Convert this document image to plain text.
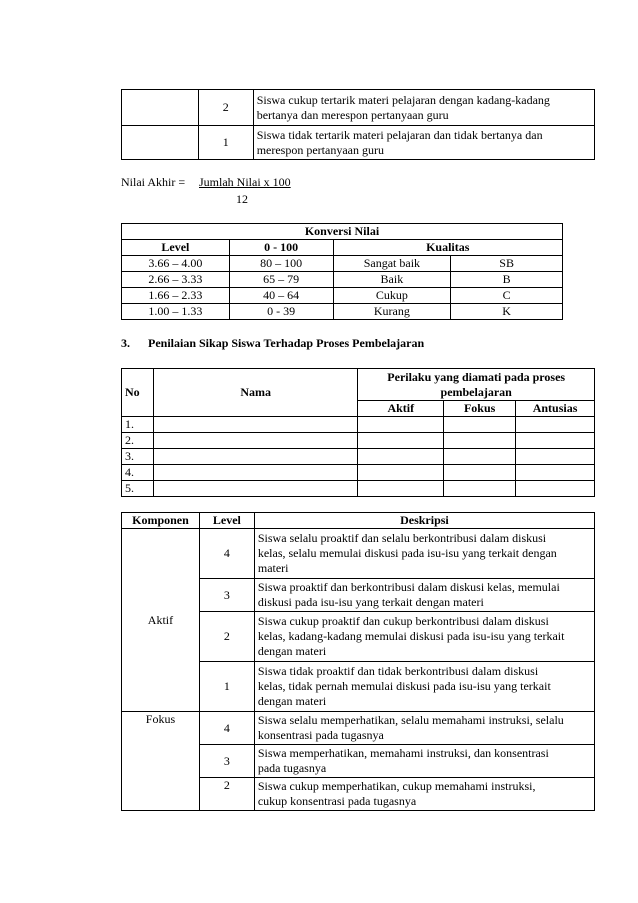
	2	Siswa cukup tertarik materi pelajaran dengan kadang-kadang
bertanya dan merespon pertanyaan guru
	1	Siswa tidak tertarik materi pelajaran dan tidak bertanya dan
merespon pertanyaan guru
Nilai Akhir = Jumlah Nilai x 100
12
Konversi Nilai			
Level	0 - 100	Kualitas	
3.66 – 4.00	80 – 100	Sangat baik	SB
2.66 – 3.33	65 – 79	Baik	B
1.66 – 2.33	40 – 64	Cukup	C
1.00 – 1.33	0 - 39	Kurang	K
3. Penilaian Sikap Siswa Terhadap Proses Pembelajaran
No	Nama	Perilaku yang diamati pada proses
pembelajaran		
		Aktif	Fokus	Antusias
1.				
2.				
3.				
4.				
5.				
Komponen	Level	Deskripsi
Aktif	4	Siswa selalu proaktif dan selalu berkontribusi dalam diskusi
kelas, selalu memulai diskusi pada isu-isu yang terkait dengan
materi
	3	Siswa proaktif dan berkontribusi dalam diskusi kelas, memulai
diskusi pada isu-isu yang terkait dengan materi
	2	Siswa cukup proaktif dan cukup berkontribusi dalam diskusi
kelas, kadang-kadang memulai diskusi pada isu-isu yang terkait
dengan materi
	1	Siswa tidak proaktif dan tidak berkontribusi dalam diskusi
kelas, tidak pernah memulai diskusi pada isu-isu yang terkait
dengan materi
Fokus	4	Siswa selalu memperhatikan, selalu memahami instruksi, selalu
konsentrasi pada tugasnya
	3	Siswa memperhatikan, memahami instruksi, dan konsentrasi
pada tugasnya
	2	Siswa cukup memperhatikan, cukup memahami instruksi,
cukup konsentrasi pada tugasnya
